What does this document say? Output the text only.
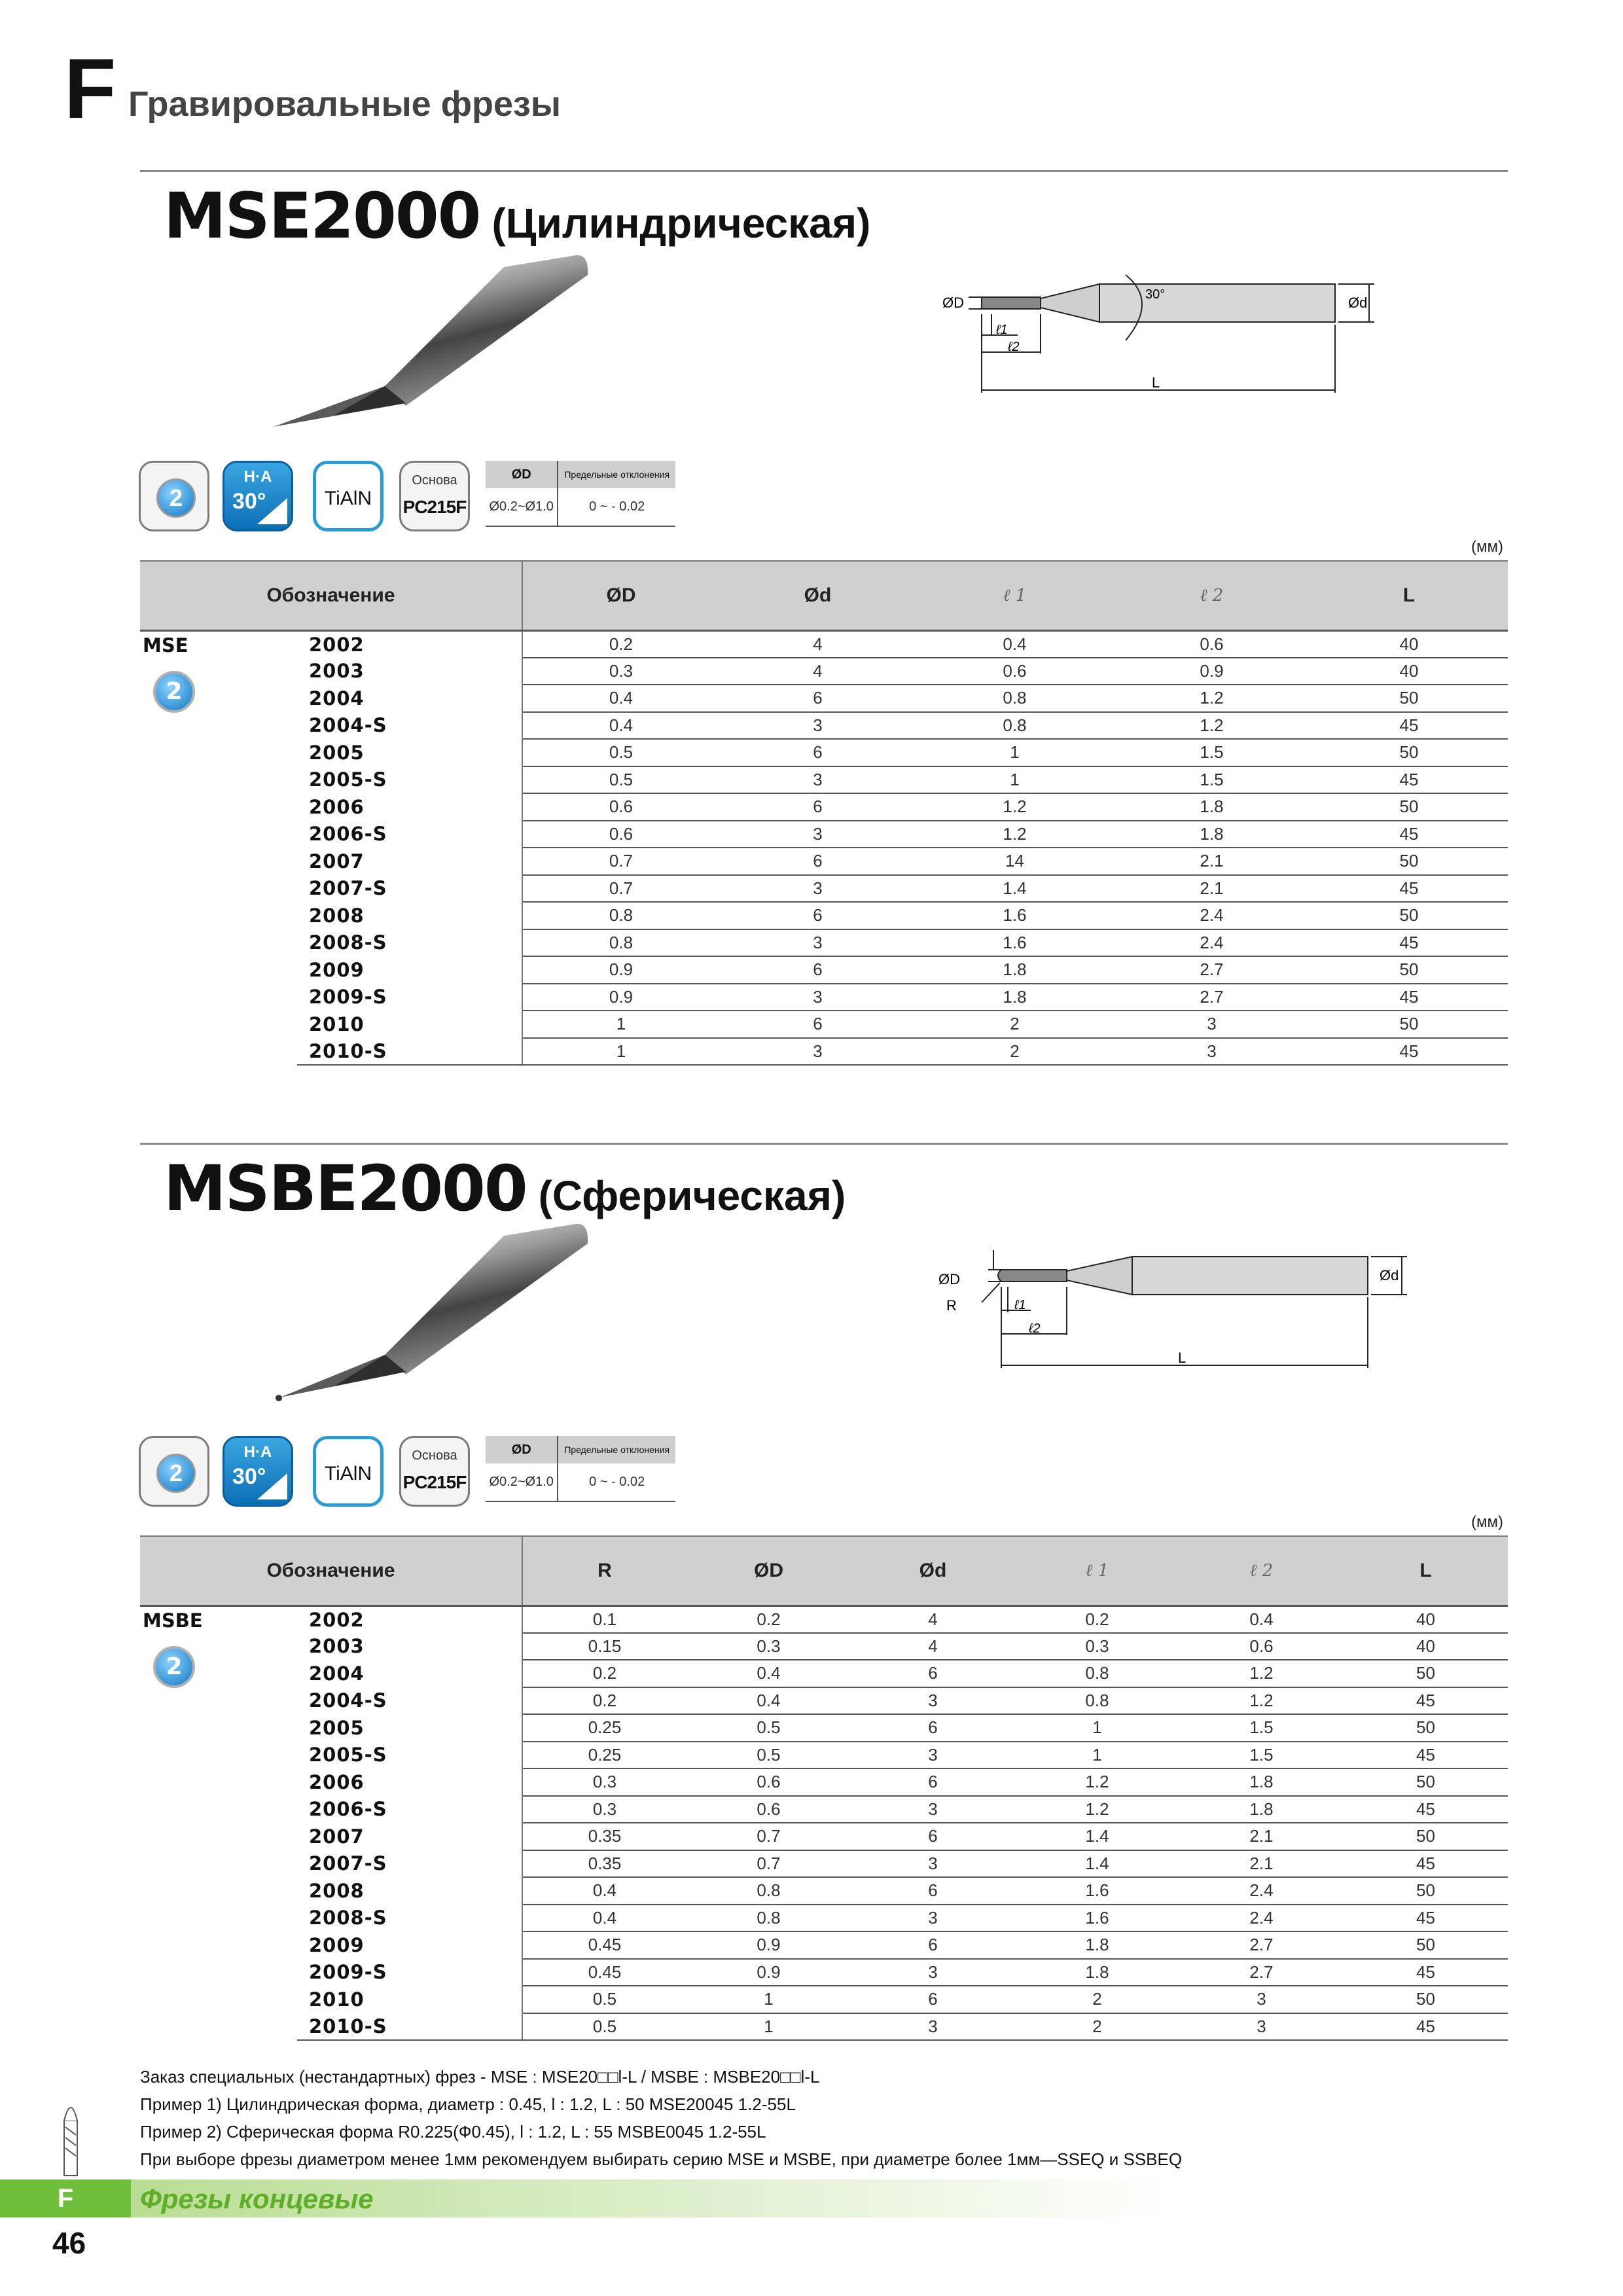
F Гравировальные фрезы
MSE2000 (Цилиндрическая)
ØD	Ød
ℓ1
ℓ2
L
30°
2
H·A
30°	TiAlN
Основа
PC215F
ØD	Предельные отклонения
Ø0.2~Ø1.0	0 ~ - 0.02
(мм)
Обозначение		ØD	Ød	ℓ 1	ℓ 2	L
MSE
2	2002	0.2	4	0.4	0.6	40
	2003	0.3	4	0.6	0.9	40
	2004	0.4	6	0.8	1.2	50
	2004-S	0.4	3	0.8	1.2	45
	2005	0.5	6	1	1.5	50
	2005-S	0.5	3	1	1.5	45
	2006	0.6	6	1.2	1.8	50
	2006-S	0.6	3	1.2	1.8	45
	2007	0.7	6	14	2.1	50
	2007-S	0.7	3	1.4	2.1	45
	2008	0.8	6	1.6	2.4	50
	2008-S	0.8	3	1.6	2.4	45
	2009	0.9	6	1.8	2.7	50
	2009-S	0.9	3	1.8	2.7	45
	2010	1	6	2	3	50
	2010-S	1	3	2	3	45
MSBE2000 (Сферическая)
ØD
R
Ød
ℓ1
ℓ2
L
2
H·A
30°	TiAlN
Основа
PC215F
ØD	Предельные отклонения
Ø0.2~Ø1.0	0 ~ - 0.02
(мм)
Обозначение		R	ØD	Ød	ℓ 1	ℓ 2	L
MSBE
2	2002	0.1	0.2	4	0.2	0.4	40
	2003	0.15	0.3	4	0.3	0.6	40
	2004	0.2	0.4	6	0.8	1.2	50
	2004-S	0.2	0.4	3	0.8	1.2	45
	2005	0.25	0.5	6	1	1.5	50
	2005-S	0.25	0.5	3	1	1.5	45
	2006	0.3	0.6	6	1.2	1.8	50
	2006-S	0.3	0.6	3	1.2	1.8	45
	2007	0.35	0.7	6	1.4	2.1	50
	2007-S	0.35	0.7	3	1.4	2.1	45
	2008	0.4	0.8	6	1.6	2.4	50
	2008-S	0.4	0.8	3	1.6	2.4	45
	2009	0.45	0.9	6	1.8	2.7	50
	2009-S	0.45	0.9	3	1.8	2.7	45
	2010	0.5	1	6	2	3	50
	2010-S	0.5	1	3	2	3	45
Заказ специальных (нестандартных) фрез - MSE : MSE20□□l-L / MSBE : MSBE20□□l-L
Пример 1) Цилиндрическая форма, диаметр : 0.45, l : 1.2, L : 50 MSE20045 1.2-55L
Пример 2) Сферическая форма R0.225(Ф0.45), l : 1.2, L : 55 MSBE0045 1.2-55L
При выборе фрезы диаметром менее 1мм рекомендуем выбирать серию MSE и MSBE, при диаметре более 1мм—SSEQ и SSBEQ
F	Фрезы концевые
46
